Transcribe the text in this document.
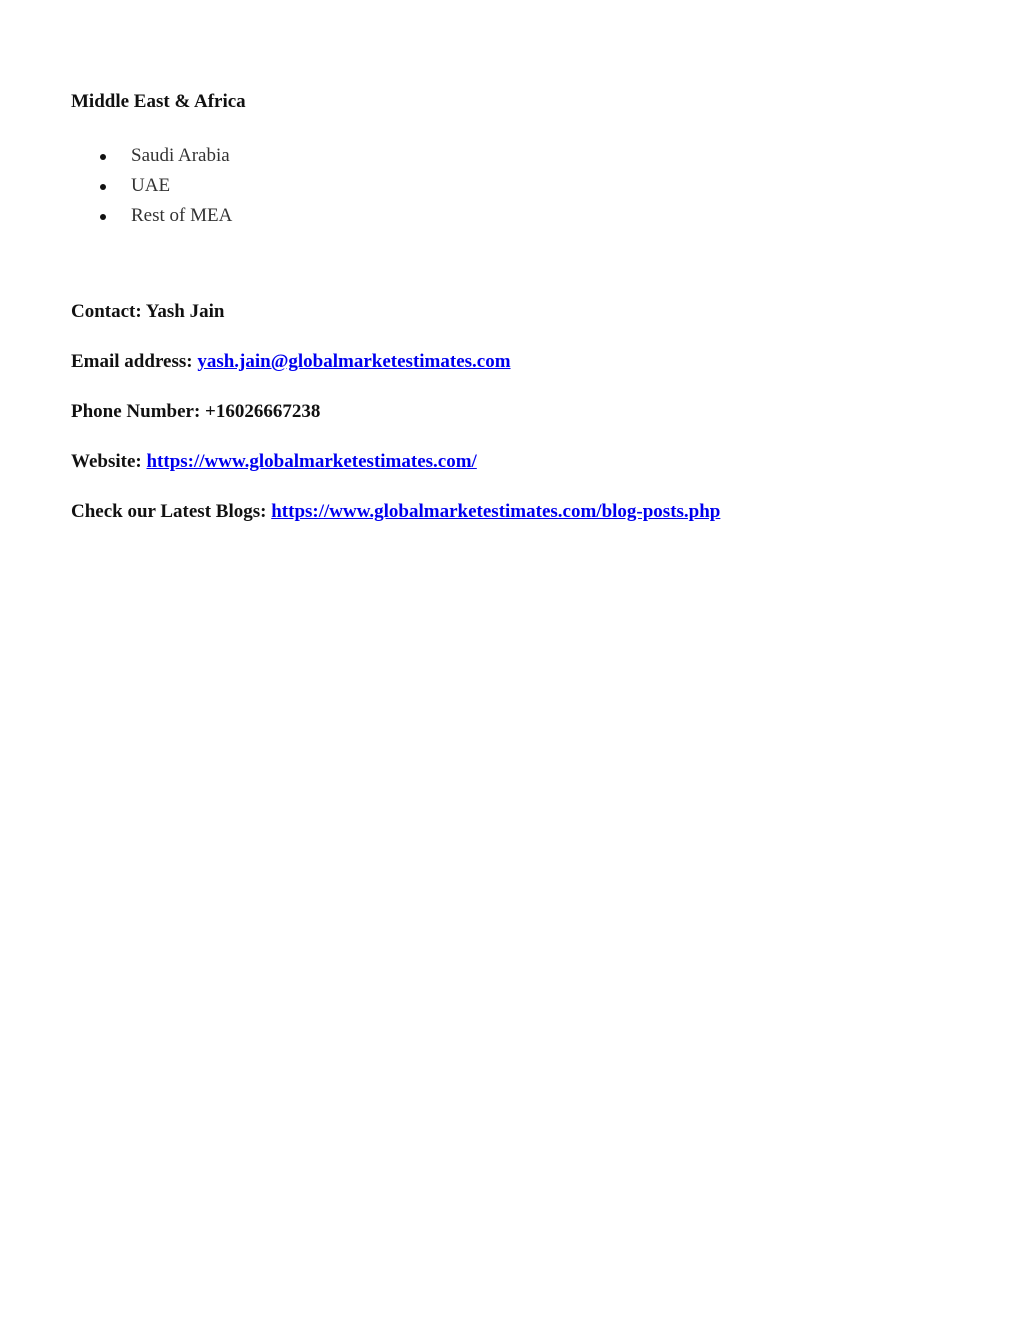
Middle East & Africa
Saudi Arabia
UAE
Rest of MEA
Contact: Yash Jain
Email address: yash.jain@globalmarketestimates.com
Phone Number: +16026667238
Website: https://www.globalmarketestimates.com/
Check our Latest Blogs: https://www.globalmarketestimates.com/blog-posts.php
